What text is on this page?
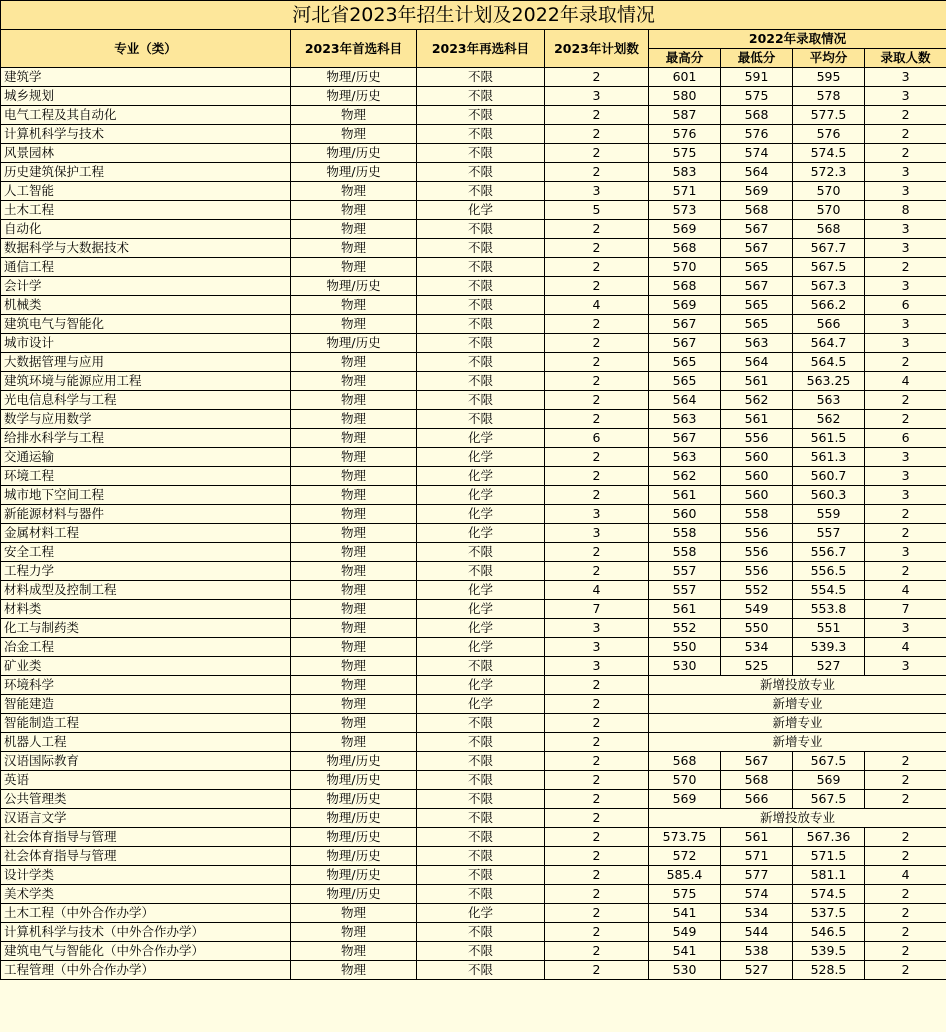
河北省2023年招生计划及2022年录取情况							
专业（类）	2023年首选科目	2023年再选科目	2023年计划数	2022年录取情况			
				最高分	最低分	平均分	录取人数
建筑学	物理/历史	不限	2	601	591	595	3
城乡规划	物理/历史	不限	3	580	575	578	3
电气工程及其自动化	物理	不限	2	587	568	577.5	2
计算机科学与技术	物理	不限	2	576	576	576	2
风景园林	物理/历史	不限	2	575	574	574.5	2
历史建筑保护工程	物理/历史	不限	2	583	564	572.3	3
人工智能	物理	不限	3	571	569	570	3
土木工程	物理	化学	5	573	568	570	8
自动化	物理	不限	2	569	567	568	3
数据科学与大数据技术	物理	不限	2	568	567	567.7	3
通信工程	物理	不限	2	570	565	567.5	2
会计学	物理/历史	不限	2	568	567	567.3	3
机械类	物理	不限	4	569	565	566.2	6
建筑电气与智能化	物理	不限	2	567	565	566	3
城市设计	物理/历史	不限	2	567	563	564.7	3
大数据管理与应用	物理	不限	2	565	564	564.5	2
建筑环境与能源应用工程	物理	不限	2	565	561	563.25	4
光电信息科学与工程	物理	不限	2	564	562	563	2
数学与应用数学	物理	不限	2	563	561	562	2
给排水科学与工程	物理	化学	6	567	556	561.5	6
交通运输	物理	化学	2	563	560	561.3	3
环境工程	物理	化学	2	562	560	560.7	3
城市地下空间工程	物理	化学	2	561	560	560.3	3
新能源材料与器件	物理	化学	3	560	558	559	2
金属材料工程	物理	化学	3	558	556	557	2
安全工程	物理	不限	2	558	556	556.7	3
工程力学	物理	不限	2	557	556	556.5	2
材料成型及控制工程	物理	化学	4	557	552	554.5	4
材料类	物理	化学	7	561	549	553.8	7
化工与制药类	物理	化学	3	552	550	551	3
冶金工程	物理	化学	3	550	534	539.3	4
矿业类	物理	不限	3	530	525	527	3
环境科学	物理	化学	2	新增投放专业			
智能建造	物理	化学	2	新增专业			
智能制造工程	物理	不限	2	新增专业			
机器人工程	物理	不限	2	新增专业			
汉语国际教育	物理/历史	不限	2	568	567	567.5	2
英语	物理/历史	不限	2	570	568	569	2
公共管理类	物理/历史	不限	2	569	566	567.5	2
汉语言文学	物理/历史	不限	2	新增投放专业			
社会体育指导与管理	物理/历史	不限	2	573.75	561	567.36	2
社会体育指导与管理	物理/历史	不限	2	572	571	571.5	2
设计学类	物理/历史	不限	2	585.4	577	581.1	4
美术学类	物理/历史	不限	2	575	574	574.5	2
土木工程（中外合作办学）	物理	化学	2	541	534	537.5	2
计算机科学与技术（中外合作办学）	物理	不限	2	549	544	546.5	2
建筑电气与智能化（中外合作办学）	物理	不限	2	541	538	539.5	2
工程管理（中外合作办学）	物理	不限	2	530	527	528.5	2
